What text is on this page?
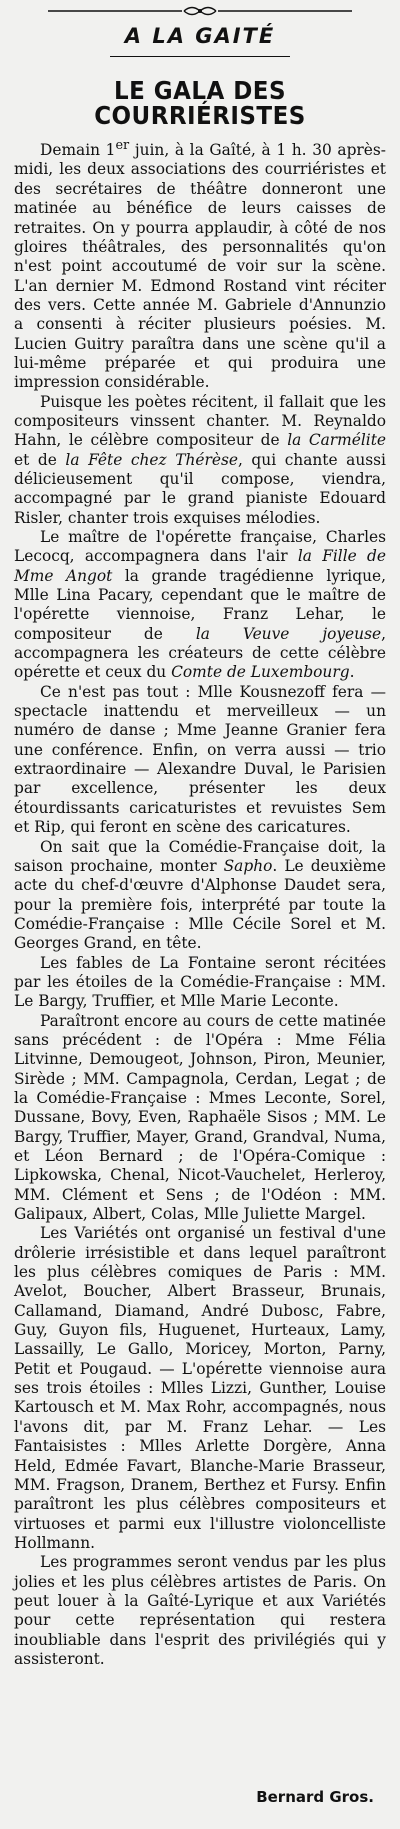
A LA GAITÉ
LE GALA DES COURRIÉRISTES

Demain 1er juin, à la Gaîté, à 1 h. 30 après-midi, les deux associations des courriéristes et des secrétaires de théâtre donneront une matinée au bénéfice de leurs caisses de retraites. On y pourra applaudir, à côté de nos gloires théâtrales, des personnalités qu'on n'est point accoutumé de voir sur la scène. L'an dernier M. Edmond Rostand vint réciter des vers. Cette année M. Gabriele d'Annunzio a consenti à réciter plusieurs poésies. M. Lucien Guitry paraîtra dans une scène qu'il a lui-même préparée et qui produira une impression considérable.

Puisque les poètes récitent, il fallait que les compositeurs vinssent chanter. M. Reynaldo Hahn, le célèbre compositeur de la Carmélite et de la Fête chez Thérèse, qui chante aussi délicieusement qu'il compose, viendra, accompagné par le grand pianiste Edouard Risler, chanter trois exquises mélodies.

Le maître de l'opérette française, Charles Lecocq, accompagnera dans l'air la Fille de Mme Angot la grande tragédienne lyrique, Mlle Lina Pacary, cependant que le maître de l'opérette viennoise, Franz Lehar, le compositeur de la Veuve joyeuse, accompagnera les créateurs de cette célèbre opérette et ceux du Comte de Luxembourg.

Ce n'est pas tout : Mlle Kousnezoff fera — spectacle inattendu et merveilleux — un numéro de danse ; Mme Jeanne Granier fera une conférence. Enfin, on verra aussi — trio extraordinaire — Alexandre Duval, le Parisien par excellence, présenter les deux étourdissants caricaturistes et revuistes Sem et Rip, qui feront en scène des caricatures.

On sait que la Comédie-Française doit, la saison prochaine, monter Sapho. Le deuxième acte du chef-d'œuvre d'Alphonse Daudet sera, pour la première fois, interprété par toute la Comédie-Française : Mlle Cécile Sorel et M. Georges Grand, en tête.

Les fables de La Fontaine seront récitées par les étoiles de la Comédie-Française : MM. Le Bargy, Truffier, et Mlle Marie Leconte.

Paraîtront encore au cours de cette matinée sans précédent : de l'Opéra : Mme Félia Litvinne, Demougeot, Johnson, Piron, Meunier, Sirède ; MM. Campagnola, Cerdan, Legat ; de la Comédie-Française : Mmes Leconte, Sorel, Dussane, Bovy, Even, Raphaële Sisos ; MM. Le Bargy, Truffier, Mayer, Grand, Grandval, Numa, et Léon Bernard ; de l'Opéra-Comique : Lipkowska, Chenal, Nicot-Vauchelet, Herleroy, MM. Clément et Sens ; de l'Odéon : MM. Galipaux, Albert, Colas, Mlle Juliette Margel.

Les Variétés ont organisé un festival d'une drôlerie irrésistible et dans lequel paraîtront les plus célèbres comiques de Paris : MM. Avelot, Boucher, Albert Brasseur, Brunais, Callamand, Diamand, André Dubosc, Fabre, Guy, Guyon fils, Huguenet, Hurteaux, Lamy, Lassailly, Le Gallo, Moricey, Morton, Parny, Petit et Pougaud. — L'opérette viennoise aura ses trois étoiles : Mlles Lizzi, Gunther, Louise Kartousch et M. Max Rohr, accompagnés, nous l'avons dit, par M. Franz Lehar. — Les Fantaisistes : Mlles Arlette Dorgère, Anna Held, Edmée Favart, Blanche-Marie Brasseur, MM. Fragson, Dranem, Berthez et Fursy. Enfin paraîtront les plus célèbres compositeurs et virtuoses et parmi eux l'illustre violoncelliste Hollmann.

Les programmes seront vendus par les plus jolies et les plus célèbres artistes de Paris. On peut louer à la Gaîté-Lyrique et aux Variétés pour cette représentation qui restera inoubliable dans l'esprit des privilégiés qui y assisteront.

Bernard Gros.
